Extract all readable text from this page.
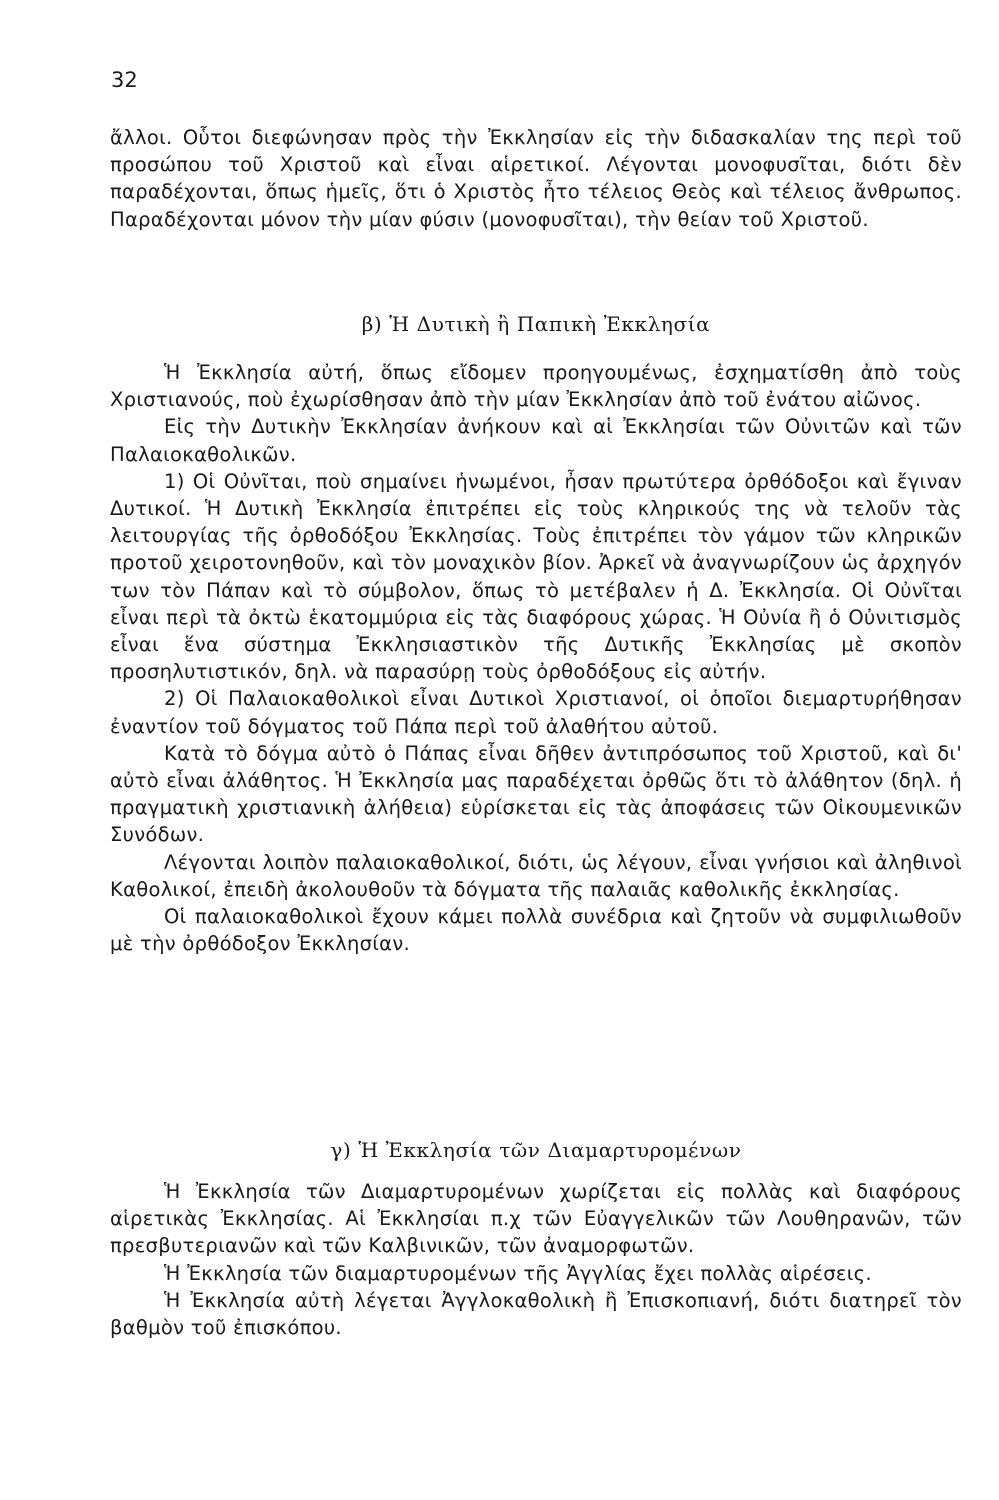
32

ἄλλοι. Οὗτοι διεφώνησαν πρὸς τὴν Ἐκκλησίαν εἰς τὴν διδασκαλίαν της περὶ τοῦ προσώπου τοῦ Χριστοῦ καὶ εἶναι αἱρετικοί. Λέγονται μονοφυσῖται, διότι δὲν παραδέχονται, ὅπως ἡμεῖς, ὅτι ὁ Χριστὸς ἦτο τέλειος Θεὸς καὶ τέλειος ἄνθρωπος. Παραδέχονται μόνον τὴν μίαν φύσιν (μονοφυσῖται), τὴν θείαν τοῦ Χριστοῦ.

β) Ἡ Δυτικὴ ἢ Παπικὴ Ἐκκλησία

Ἡ Ἐκκλησία αὐτή, ὅπως εἴδομεν προηγουμένως, ἐσχηματίσθη ἀπὸ τοὺς Χριστιανούς, ποὺ ἐχωρίσθησαν ἀπὸ τὴν μίαν Ἐκκλησίαν ἀπὸ τοῦ ἐνάτου αἰῶνος.

Εἰς τὴν Δυτικὴν Ἐκκλησίαν ἀνήκουν καὶ αἱ Ἐκκλησίαι τῶν Οὐνιτῶν καὶ τῶν Παλαιοκαθολικῶν.

1) Οἱ Οὐνῖται, ποὺ σημαίνει ἡνωμένοι, ἦσαν πρωτύτερα ὀρθόδοξοι καὶ ἔγιναν Δυτικοί. Ἡ Δυτικὴ Ἐκκλησία ἐπιτρέπει εἰς τοὺς κληρικούς της νὰ τελοῦν τὰς λειτουργίας τῆς ὀρθοδόξου Ἐκκλησίας. Τοὺς ἐπιτρέπει τὸν γάμον τῶν κληρικῶν προτοῦ χειροτονηθοῦν, καὶ τὸν μοναχικὸν βίον. Ἀρκεῖ νὰ ἀναγνωρίζουν ὡς ἀρχηγόν των τὸν Πάπαν καὶ τὸ σύμβολον, ὅπως τὸ μετέβαλεν ἡ Δ. Ἐκκλησία. Οἱ Οὐνῖται εἶναι περὶ τὰ ὀκτὼ ἑκατομμύρια εἰς τὰς διαφόρους χώρας. Ἡ Οὐνία ἢ ὁ Οὐνιτισμὸς εἶναι ἕνα σύστημα Ἐκκλησιαστικὸν τῆς Δυτικῆς Ἐκκλησίας μὲ σκοπὸν προσηλυτιστικόν, δηλ. νὰ παρασύρῃ τοὺς ὀρθοδόξους εἰς αὐτήν.

2) Οἱ Παλαιοκαθολικοὶ εἶναι Δυτικοὶ Χριστιανοί, οἱ ὁποῖοι διεμαρτυρήθησαν ἐναντίον τοῦ δόγματος τοῦ Πάπα περὶ τοῦ ἀλαθήτου αὐτοῦ.

Κατὰ τὸ δόγμα αὐτὸ ὁ Πάπας εἶναι δῆθεν ἀντιπρόσωπος τοῦ Χριστοῦ, καὶ δι' αὐτὸ εἶναι ἀλάθητος. Ἡ Ἐκκλησία μας παραδέχεται ὀρθῶς ὅτι τὸ ἀλάθητον (δηλ. ἡ πραγματικὴ χριστιανικὴ ἀλήθεια) εὑρίσκεται εἰς τὰς ἀποφάσεις τῶν Οἰκουμενικῶν Συνόδων.

Λέγονται λοιπὸν παλαιοκαθολικοί, διότι, ὡς λέγουν, εἶναι γνήσιοι καὶ ἀληθινοὶ Καθολικοί, ἐπειδὴ ἀκολουθοῦν τὰ δόγματα τῆς παλαιᾶς καθολικῆς ἐκκλησίας.

Οἱ παλαιοκαθολικοὶ ἔχουν κάμει πολλὰ συνέδρια καὶ ζητοῦν νὰ συμφιλιωθοῦν μὲ τὴν ὀρθόδοξον Ἐκκλησίαν.

γ) Ἡ Ἐκκλησία τῶν Διαμαρτυρομένων

Ἡ Ἐκκλησία τῶν Διαμαρτυρομένων χωρίζεται εἰς πολλὰς καὶ διαφόρους αἱρετικὰς Ἐκκλησίας. Αἱ Ἐκκλησίαι π.χ τῶν Εὐαγγελικῶν τῶν Λουθηρανῶν, τῶν πρεσβυτεριανῶν καὶ τῶν Καλβινικῶν, τῶν ἀναμορφωτῶν.

Ἡ Ἐκκλησία τῶν διαμαρτυρομένων τῆς Ἀγγλίας ἔχει πολλὰς αἱρέσεις.

Ἡ Ἐκκλησία αὐτὴ λέγεται Ἀγγλοκαθολικὴ ἢ Ἐπισκοπιανή, διότι διατηρεῖ τὸν βαθμὸν τοῦ ἐπισκόπου.
